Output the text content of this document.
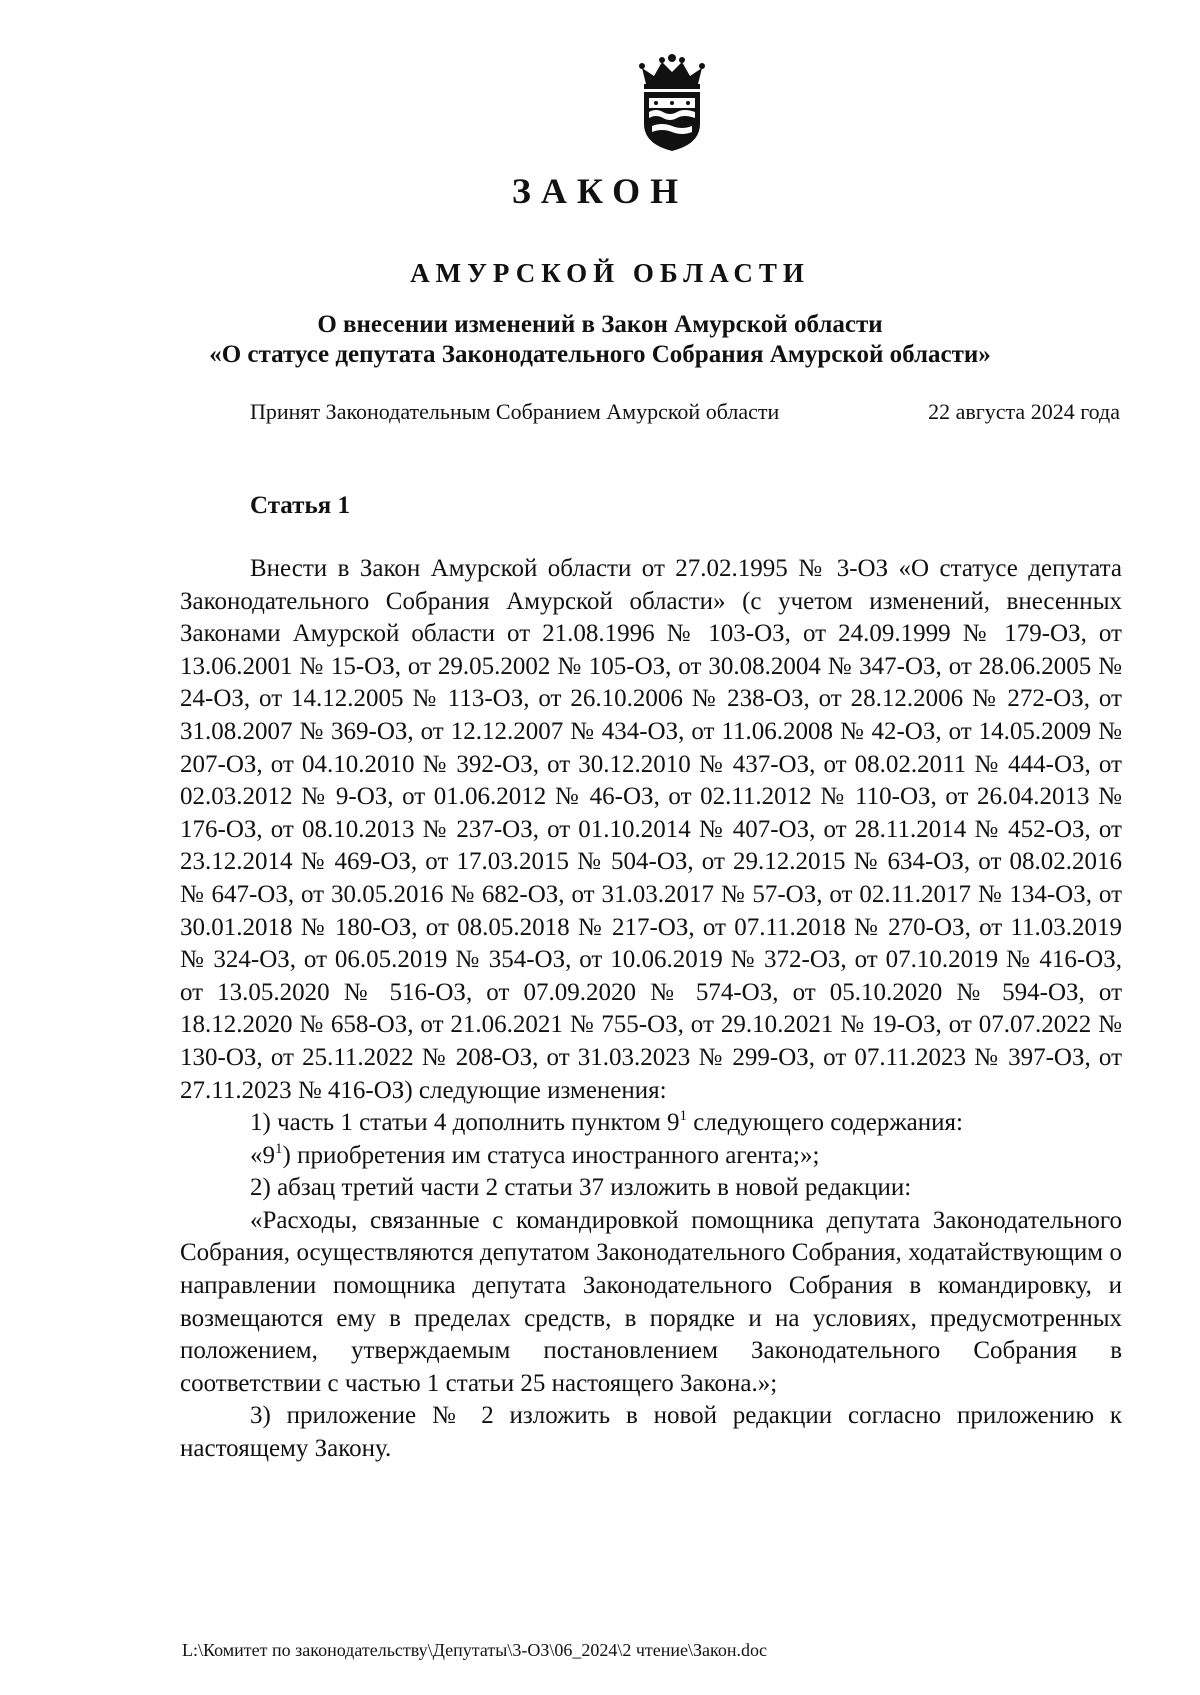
ЗАКОН
АМУРСКОЙ ОБЛАСТИ
О внесении изменений в Закон Амурской области
«О статусе депутата Законодательного Собрания Амурской области»
Принят Законодательным Собранием Амурской области	22 августа 2024 года
Статья 1

Внести в Закон Амурской области от 27.02.1995 № 3-ОЗ «О статусе депутата Законодательного Собрания Амурской области» (с учетом изменений, внесенных Законами Амурской области от 21.08.1996 № 103-ОЗ, от 24.09.1999 № 179-ОЗ, от 13.06.2001 № 15-ОЗ, от 29.05.2002 № 105-ОЗ, от 30.08.2004 № 347-ОЗ, от 28.06.2005 № 24-ОЗ, от 14.12.2005 № 113-ОЗ, от 26.10.2006 № 238-ОЗ, от 28.12.2006 № 272-ОЗ, от 31.08.2007 № 369-ОЗ, от 12.12.2007 № 434-ОЗ, от 11.06.2008 № 42-ОЗ, от 14.05.2009 № 207-ОЗ, от 04.10.2010 № 392-ОЗ, от 30.12.2010 № 437-ОЗ, от 08.02.2011 № 444-ОЗ, от 02.03.2012 № 9-ОЗ, от 01.06.2012 № 46-ОЗ, от 02.11.2012 № 110-ОЗ, от 26.04.2013 № 176-ОЗ, от 08.10.2013 № 237-ОЗ, от 01.10.2014 № 407-ОЗ, от 28.11.2014 № 452-ОЗ, от 23.12.2014 № 469-ОЗ, от 17.03.2015 № 504-ОЗ, от 29.12.2015 № 634-ОЗ, от 08.02.2016 № 647-ОЗ, от 30.05.2016 № 682-ОЗ, от 31.03.2017 № 57-ОЗ, от 02.11.2017 № 134-ОЗ, от 30.01.2018 № 180-ОЗ, от 08.05.2018 № 217-ОЗ, от 07.11.2018 № 270-ОЗ, от 11.03.2019 № 324-ОЗ, от 06.05.2019 № 354-ОЗ, от 10.06.2019 № 372-ОЗ, от 07.10.2019 № 416-ОЗ, от 13.05.2020 № 516-ОЗ, от 07.09.2020 № 574-ОЗ, от 05.10.2020 № 594-ОЗ, от 18.12.2020 № 658-ОЗ, от 21.06.2021 № 755-ОЗ, от 29.10.2021 № 19-ОЗ, от 07.07.2022 № 130-ОЗ, от 25.11.2022 № 208-ОЗ, от 31.03.2023 № 299-ОЗ, от 07.11.2023 № 397-ОЗ, от 27.11.2023 № 416-ОЗ) следующие изменения:

1) часть 1 статьи 4 дополнить пунктом $9^1$ следующего содержания:

«$9^1$) приобретения им статуса иностранного агента;»;

2) абзац третий части 2 статьи 37 изложить в новой редакции:

«Расходы, связанные с командировкой помощника депутата Законодательного Собрания, осуществляются депутатом Законодательного Собрания, ходатайствующим о направлении помощника депутата Законодательного Собрания в командировку, и возмещаются ему в пределах средств, в порядке и на условиях, предусмотренных положением, утверждаемым постановлением Законодательного Собрания в соответствии с частью 1 статьи 25 настоящего Закона.»;

3) приложение № 2 изложить в новой редакции согласно приложению к настоящему Закону.

L:\Комитет по законодательству\Депутаты\3-ОЗ\06_2024\2 чтение\Закон.doc
